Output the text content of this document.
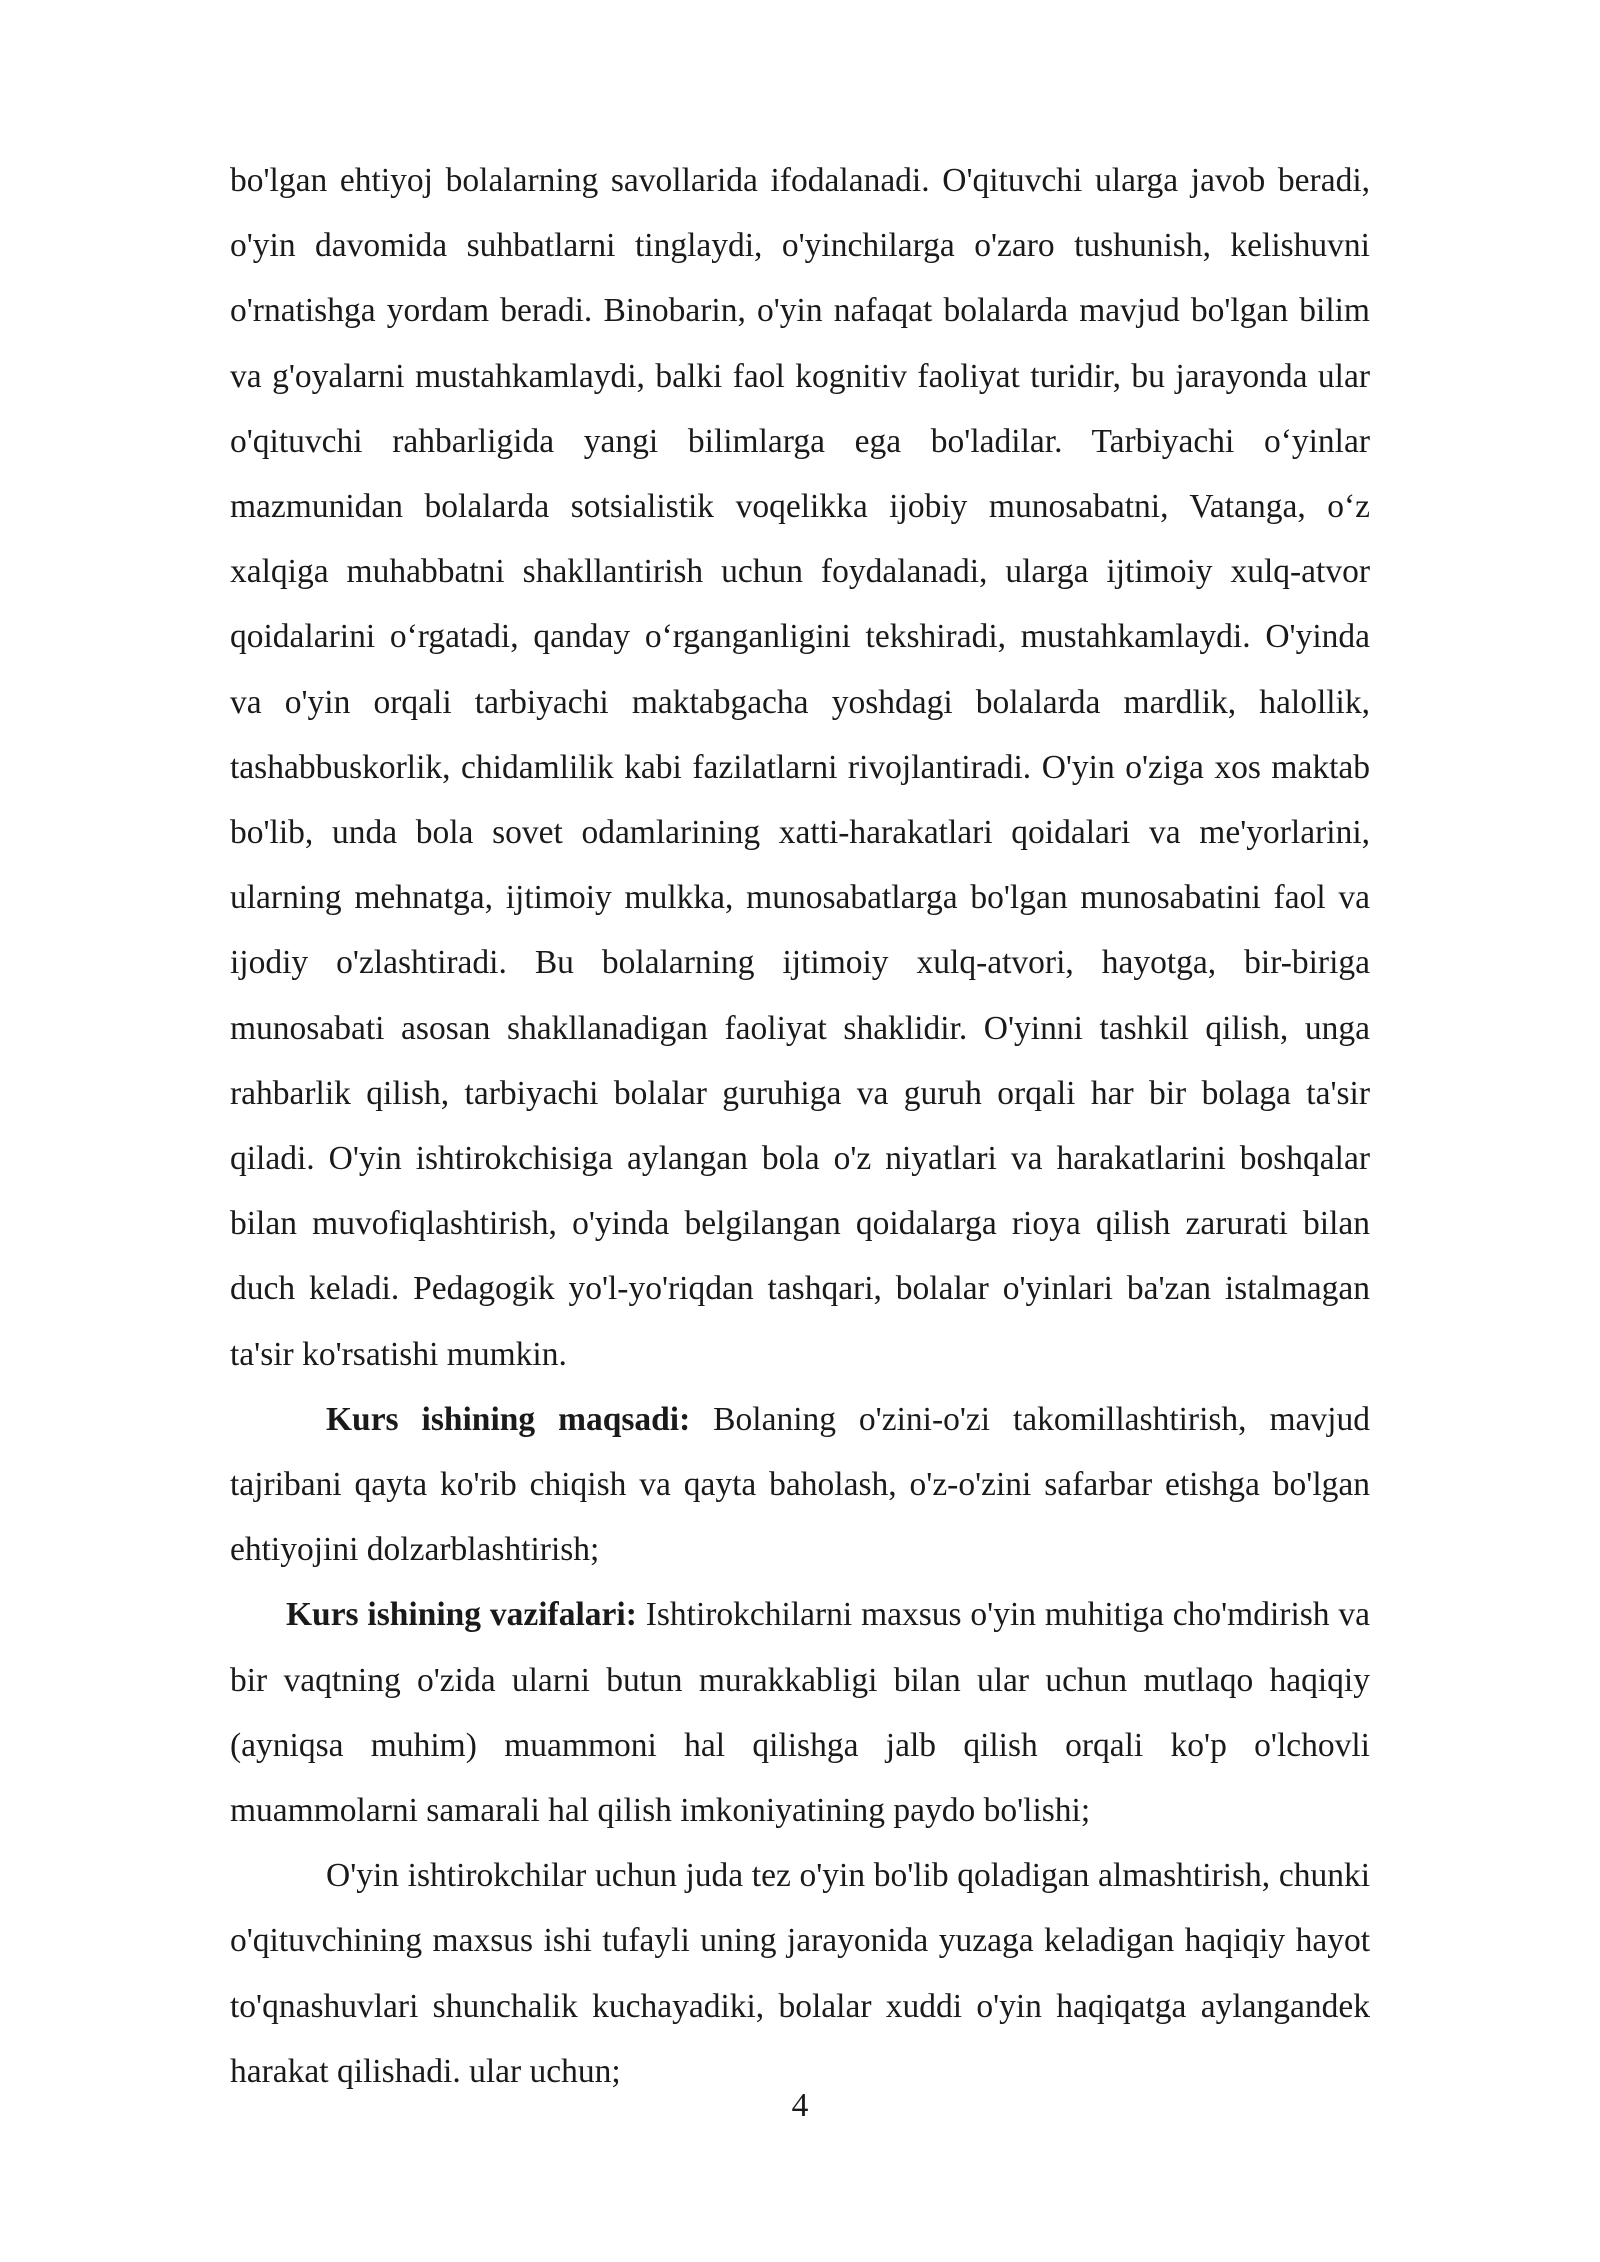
bo'lgan ehtiyoj bolalarning savollarida ifodalanadi. O'qituvchi ularga javob beradi, o'yin davomida suhbatlarni tinglaydi, o'yinchilarga o'zaro tushunish, kelishuvni o'rnatishga yordam beradi. Binobarin, o'yin nafaqat bolalarda mavjud bo'lgan bilim va g'oyalarni mustahkamlaydi, balki faol kognitiv faoliyat turidir, bu jarayonda ular o'qituvchi rahbarligida yangi bilimlarga ega bo'ladilar. Tarbiyachi o‘yinlar mazmunidan bolalarda sotsialistik voqelikka ijobiy munosabatni, Vatanga, o‘z xalqiga muhabbatni shakllantirish uchun foydalanadi, ularga ijtimoiy xulq-atvor qoidalarini o‘rgatadi, qanday o‘rganganligini tekshiradi, mustahkamlaydi. O'yinda va o'yin orqali tarbiyachi maktabgacha yoshdagi bolalarda mardlik, halollik, tashabbuskorlik, chidamlilik kabi fazilatlarni rivojlantiradi. O'yin o'ziga xos maktab bo'lib, unda bola sovet odamlarining xatti-harakatlari qoidalari va me'yorlarini, ularning mehnatga, ijtimoiy mulkka, munosabatlarga bo'lgan munosabatini faol va ijodiy o'zlashtiradi. Bu bolalarning ijtimoiy xulq-atvori, hayotga, bir-biriga munosabati asosan shakllanadigan faoliyat shaklidir. O'yinni tashkil qilish, unga rahbarlik qilish, tarbiyachi bolalar guruhiga va guruh orqali har bir bolaga ta'sir qiladi. O'yin ishtirokchisiga aylangan bola o'z niyatlari va harakatlarini boshqalar bilan muvofiqlashtirish, o'yinda belgilangan qoidalarga rioya qilish zarurati bilan duch keladi. Pedagogik yo'l-yo'riqdan tashqari, bolalar o'yinlari ba'zan istalmagan ta'sir ko'rsatishi mumkin.

Kurs ishining maqsadi: Bolaning o'zini-o'zi takomillashtirish, mavjud tajribani qayta ko'rib chiqish va qayta baholash, o'z-o'zini safarbar etishga bo'lgan ehtiyojini dolzarblashtirish;

Kurs ishining vazifalari: Ishtirokchilarni maxsus o'yin muhitiga cho'mdirish va bir vaqtning o'zida ularni butun murakkabligi bilan ular uchun mutlaqo haqiqiy (ayniqsa muhim) muammoni hal qilishga jalb qilish orqali ko'p o'lchovli muammolarni samarali hal qilish imkoniyatining paydo bo'lishi;

O'yin ishtirokchilar uchun juda tez o'yin bo'lib qoladigan almashtirish, chunki o'qituvchining maxsus ishi tufayli uning jarayonida yuzaga keladigan haqiqiy hayot to'qnashuvlari shunchalik kuchayadiki, bolalar xuddi o'yin haqiqatga aylangandek harakat qilishadi. ular uchun;

4
